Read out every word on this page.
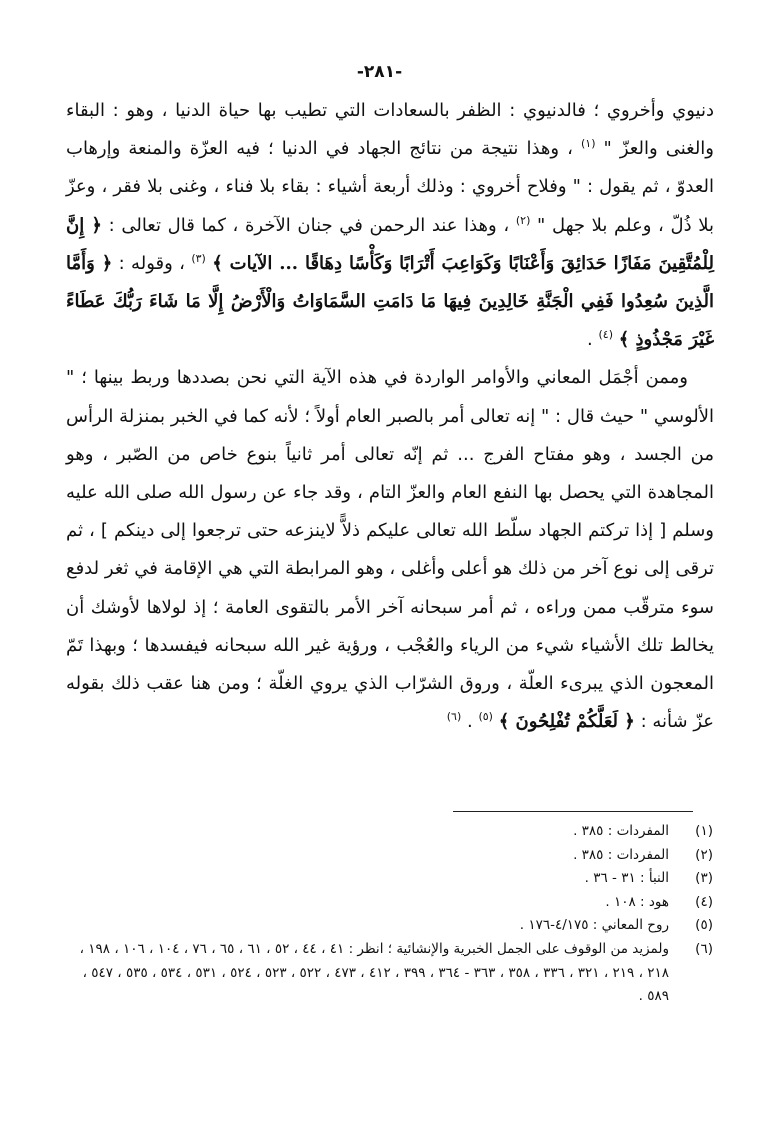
-٢٨١-

دنيوي وأخروي ؛ فالدنيوي : الظفر بالسعادات التي تطيب بها حياة الدنيا ، وهو : البقاء والغنى والعزّ " $^{(١)}$ ، وهذا نتيجة من نتائج الجهاد في الدنيا ؛ فيه العزّة والمنعة وإرهاب العدوّ ، ثم يقول : " وفلاح أخروي : وذلك أربعة أشياء : بقاء بلا فناء ، وغنى بلا فقر ، وعزّ بلا ذُلّ ، وعلم بلا جهل " $^{(٢)}$ ، وهذا عند الرحمن في جنان الآخرة ، كما قال تعالى : ﴿ إِنَّ لِلْمُتَّقِينَ مَفَازًا حَدَائِقَ وَأَعْنَابًا وَكَوَاعِبَ أَتْرَابًا وَكَأْسًا دِهَاقًا ... الآيات ﴾ $^{(٣)}$ ، وقوله : ﴿ وَأَمَّا الَّذِينَ سُعِدُوا فَفِي الْجَنَّةِ خَالِدِينَ فِيهَا مَا دَامَتِ السَّمَاوَاتُ وَالْأَرْضُ إِلَّا مَا شَاءَ رَبُّكَ عَطَاءً غَيْرَ مَجْذُوذٍ ﴾ $^{(٤)}$ .

وممن أجْمَل المعاني والأوامر الواردة في هذه الآية التي نحن بصددها وربط بينها ؛ " الألوسي " حيث قال : " إنه تعالى أمر بالصبر العام أولاً ؛ لأنه كما في الخبر بمنزلة الرأس من الجسد ، وهو مفتاح الفرج ... ثم إنّه تعالى أمر ثانياً بنوع خاص من الصّبر ، وهو المجاهدة التي يحصل بها النفع العام والعزّ التام ، وقد جاء عن رسول الله صلى الله عليه وسلم [ إذا تركتم الجهاد سلّط الله تعالى عليكم ذلاًّ لاينزعه حتى ترجعوا إلى دينكم ] ، ثم ترقى إلى نوع آخر من ذلك هو أعلى وأغلى ، وهو المرابطة التي هي الإقامة في ثغر لدفع سوء مترقّب ممن وراءه ، ثم أمر سبحانه آخر الأمر بالتقوى العامة ؛ إذ لولاها لأوشك أن يخالط تلك الأشياء شيء من الرياء والعُجْب ، ورؤية غير الله سبحانه فيفسدها ؛ وبهذا تَمّ المعجون الذي يبرىء العلّة ، وروق الشرّاب الذي يروي الغلّة ؛ ومن هنا عقب ذلك بقوله عزّ شأنه : ﴿ لَعَلَّكُمْ تُفْلِحُونَ ﴾ $^{(٥)}$ . $^{(٦)}$

(١)
المفردات : ٣٨٥ .
(٢)
المفردات : ٣٨٥ .
(٣)
النبأ : ٣١ - ٣٦ .
(٤)
هود : ١٠٨ .
(٥)
روح المعاني : ٤/١٧٥-١٧٦ .
(٦)
ولمزيد من الوقوف على الجمل الخبرية والإنشائية ؛ انظر : ٤١ ، ٤٤ ، ٥٢ ، ٦١ ، ٦٥ ، ٧٦ ، ١٠٤ ، ١٠٦ ، ١٩٨ ، ٢١٨ ، ٢١٩ ، ٣٢١ ، ٣٣٦ ، ٣٥٨ ، ٣٦٣ - ٣٦٤ ، ٣٩٩ ، ٤١٢ ، ٤٧٣ ، ٥٢٢ ، ٥٢٣ ، ٥٢٤ ، ٥٣١ ، ٥٣٤ ، ٥٣٥ ، ٥٤٧ ، ٥٨٩ .
